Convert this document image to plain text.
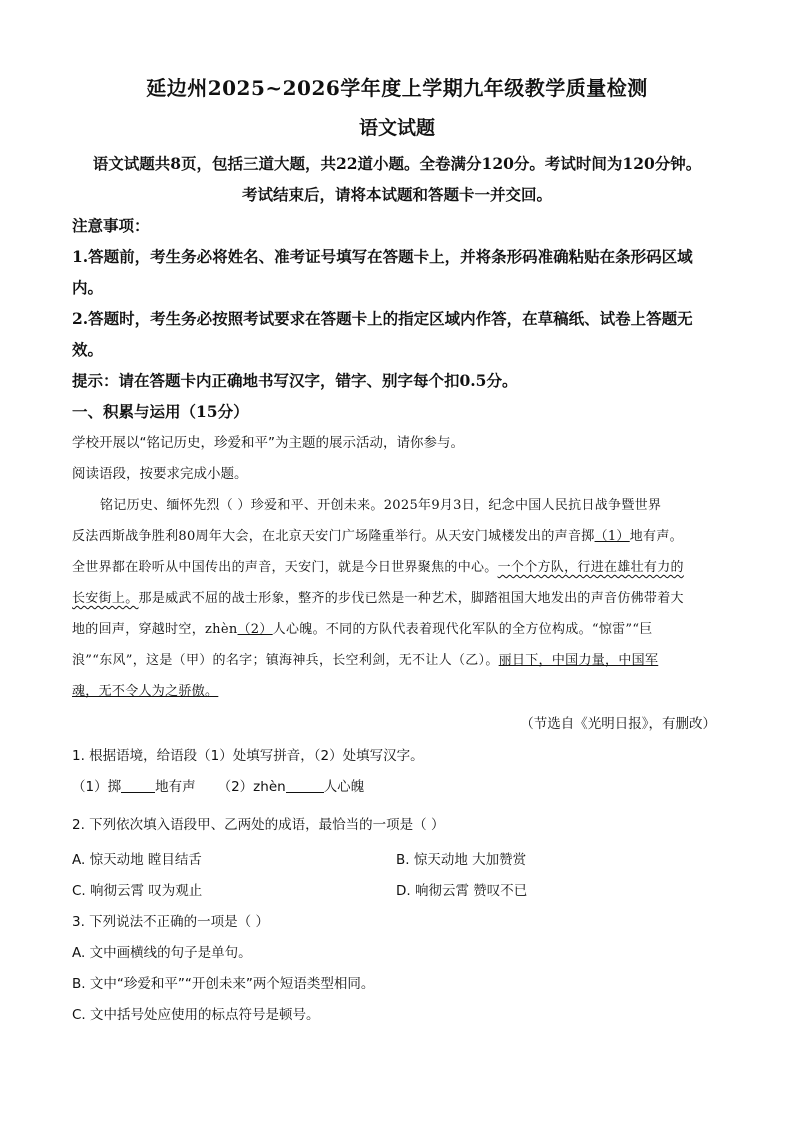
延边州2025~2026学年度上学期九年级教学质量检测
语文试题
语文试题共8页，包括三道大题，共22道小题。全卷满分120分。考试时间为120分钟。
考试结束后，请将本试题和答题卡一并交回。
注意事项：
1.答题前，考生务必将姓名、准考证号填写在答题卡上，并将条形码准确粘贴在条形码区域
内。
2.答题时，考生务必按照考试要求在答题卡上的指定区域内作答，在草稿纸、试卷上答题无
效。
提示：请在答题卡内正确地书写汉字，错字、别字每个扣0.5分。
一、积累与运用（15分）
学校开展以“铭记历史，珍爱和平”为主题的展示活动，请你参与。
阅读语段，按要求完成小题。
铭记历史、缅怀先烈（ ）珍爱和平、开创未来。2025年9月3日，纪念中国人民抗日战争暨世界
反法西斯战争胜利80周年大会，在北京天安门广场隆重举行。从天安门城楼发出的声音掷（1）地有声。
全世界都在聆听从中国传出的声音，天安门，就是今日世界聚焦的中心。一个个方队，行进在雄壮有力的
长安街上。那是威武不屈的战士形象，整齐的步伐已然是一种艺术，脚踏祖国大地发出的声音仿佛带着大
地的回声，穿越时空，zhèn（2）人心魄。不同的方队代表着现代化军队的全方位构成。“惊雷”“巨
浪”“东风”，这是（甲）的名字；镇海神兵，长空利剑，无不让人（乙）。丽日下，中国力量，中国军
魂，无不令人为之骄傲。
（节选自《光明日报》，有删改）
1. 根据语境，给语段（1）处填写拼音，（2）处填写汉字。
（1）掷	地有声 （2）zhèn	人心魄
2. 下列依次填入语段甲、乙两处的成语，最恰当的一项是（ ）
A. 惊天动地 瞠目结舌	B. 惊天动地 大加赞赏
C. 响彻云霄 叹为观止	D. 响彻云霄 赞叹不已
3. 下列说法不正确的一项是（ ）
A. 文中画横线的句子是单句。
B. 文中“珍爱和平”“开创未来”两个短语类型相同。
C. 文中括号处应使用的标点符号是顿号。
